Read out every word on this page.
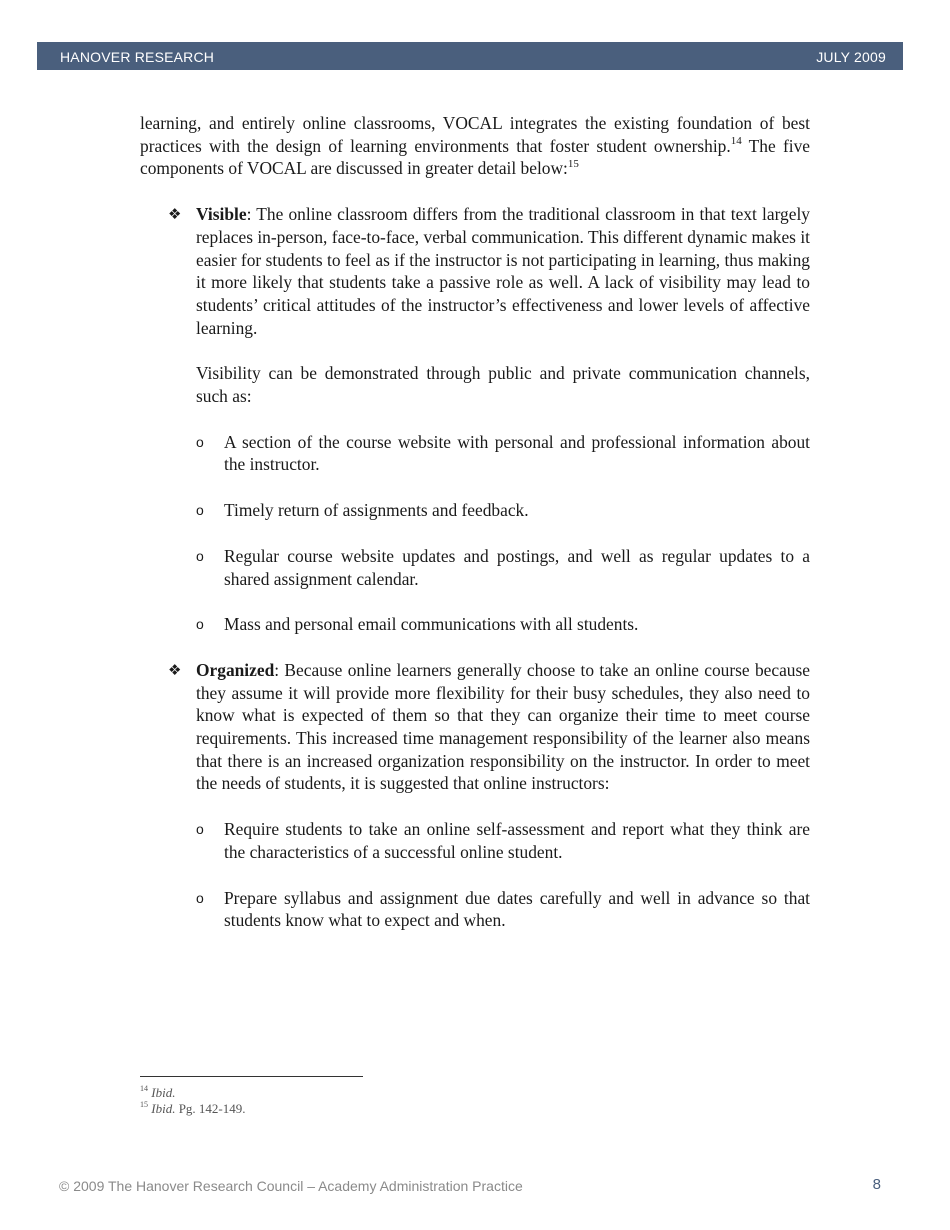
HANOVER RESEARCH	JULY 2009

learning, and entirely online classrooms, VOCAL integrates the existing foundation of best practices with the design of learning environments that foster student ownership.$^{14}$ The five components of VOCAL are discussed in greater detail below:$^{15}$

❖ Visible: The online classroom differs from the traditional classroom in that text largely replaces in-person, face-to-face, verbal communication. This different dynamic makes it easier for students to feel as if the instructor is not participating in learning, thus making it more likely that students take a passive role as well. A lack of visibility may lead to students’ critical attitudes of the instructor’s effectiveness and lower levels of affective learning.

Visibility can be demonstrated through public and private communication channels, such as:

o A section of the course website with personal and professional information about the instructor.

o Timely return of assignments and feedback.

o Regular course website updates and postings, and well as regular updates to a shared assignment calendar.

o Mass and personal email communications with all students.

❖ Organized: Because online learners generally choose to take an online course because they assume it will provide more flexibility for their busy schedules, they also need to know what is expected of them so that they can organize their time to meet course requirements. This increased time management responsibility of the learner also means that there is an increased organization responsibility on the instructor. In order to meet the needs of students, it is suggested that online instructors:

o Require students to take an online self-assessment and report what they think are the characteristics of a successful online student.

o Prepare syllabus and assignment due dates carefully and well in advance so that students know what to expect and when.

$^{14}$ Ibid.
$^{15}$ Ibid. Pg. 142-149.
© 2009 The Hanover Research Council – Academy Administration Practice	8
